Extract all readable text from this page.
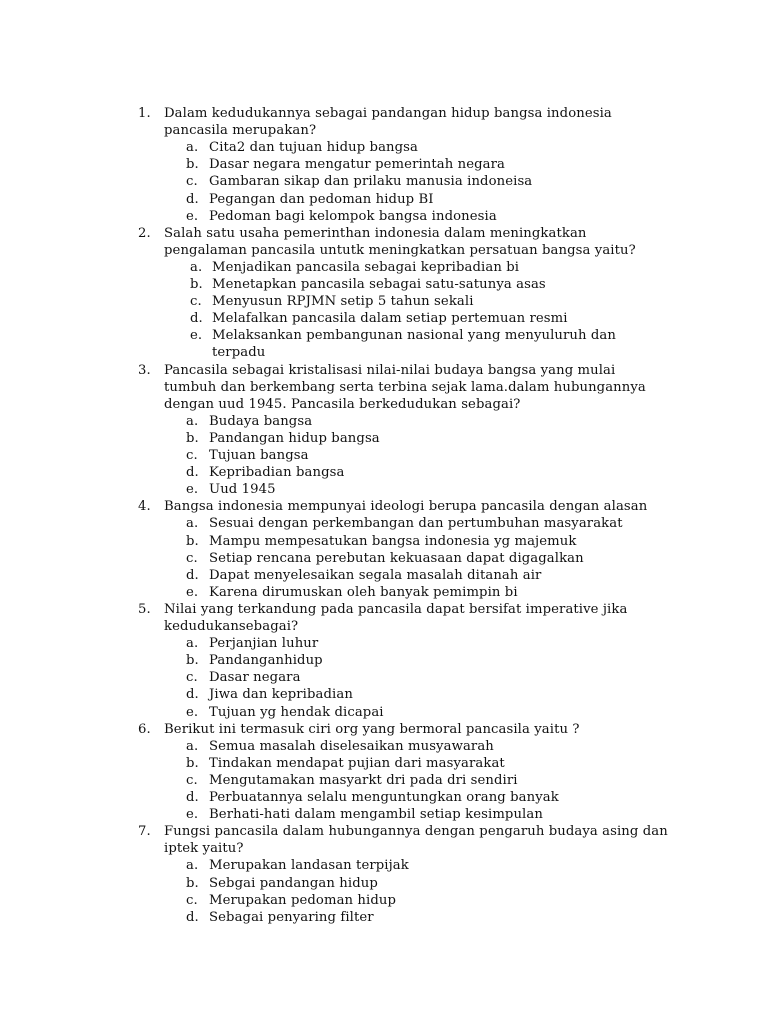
1. Dalam kedudukannya sebagai pandangan hidup bangsa indonesia
pancasila merupakan?
a. Cita2 dan tujuan hidup bangsa
b. Dasar negara mengatur pemerintah negara
c. Gambaran sikap dan prilaku manusia indoneisa
d. Pegangan dan pedoman hidup BI
e. Pedoman bagi kelompok bangsa indonesia
2. Salah satu usaha pemerinthan indonesia dalam meningkatkan
pengalaman pancasila untutk meningkatkan persatuan bangsa yaitu?
a. Menjadikan pancasila sebagai kepribadian bi
b. Menetapkan pancasila sebagai satu-satunya asas
c. Menyusun RPJMN setip 5 tahun sekali
d. Melafalkan pancasila dalam setiap pertemuan resmi
e. Melaksankan pembangunan nasional yang menyuluruh dan
terpadu
3. Pancasila sebagai kristalisasi nilai-nilai budaya bangsa yang mulai
tumbuh dan berkembang serta terbina sejak lama.dalam hubungannya
dengan uud 1945. Pancasila berkedudukan sebagai?
a. Budaya bangsa
b. Pandangan hidup bangsa
c. Tujuan bangsa
d. Kepribadian bangsa
e. Uud 1945
4. Bangsa indonesia mempunyai ideologi berupa pancasila dengan alasan
a. Sesuai dengan perkembangan dan pertumbuhan masyarakat
b. Mampu mempesatukan bangsa indonesia yg majemuk
c. Setiap rencana perebutan kekuasaan dapat digagalkan
d. Dapat menyelesaikan segala masalah ditanah air
e. Karena dirumuskan oleh banyak pemimpin bi
5. Nilai yang terkandung pada pancasila dapat bersifat imperative jika
kedudukansebagai?
a. Perjanjian luhur
b. Pandanganhidup
c. Dasar negara
d. Jiwa dan kepribadian
e. Tujuan yg hendak dicapai
6. Berikut ini termasuk ciri org yang bermoral pancasila yaitu ?
a. Semua masalah diselesaikan musyawarah
b. Tindakan mendapat pujian dari masyarakat
c. Mengutamakan masyarkt dri pada dri sendiri
d. Perbuatannya selalu menguntungkan orang banyak
e. Berhati-hati dalam mengambil setiap kesimpulan
7. Fungsi pancasila dalam hubungannya dengan pengaruh budaya asing dan
iptek yaitu?
a. Merupakan landasan terpijak
b. Sebgai pandangan hidup
c. Merupakan pedoman hidup
d. Sebagai penyaring filter
